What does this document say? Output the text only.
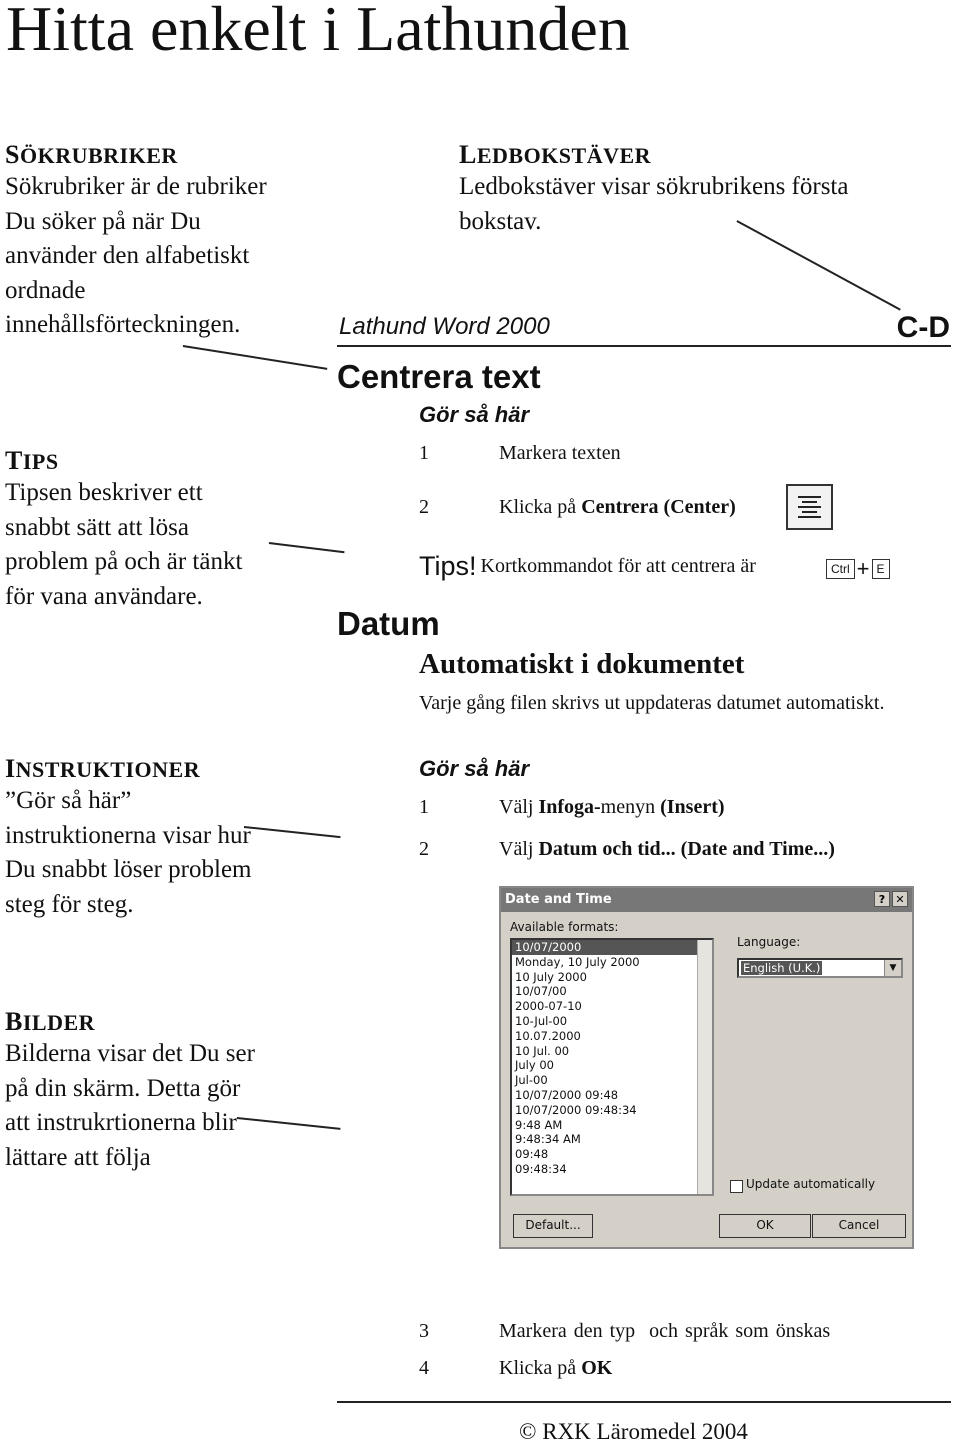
Hitta enkelt i Lathunden
SÖKRUBRIKER
Sökrubriker är de rubriker Du söker på när Du använder den alfabetiskt ordnade innehållsförteckningen.
TIPS
Tipsen beskriver ett snabbt sätt att lösa problem på och är tänkt för vana användare.
INSTRUKTIONER
”Gör så här” instruktionerna visar hur Du snabbt löser problem steg för steg.
BILDER
Bilderna visar det Du ser på din skärm. Detta gör att instrukrtionerna blir lättare att följa
LEDBOKSTÄVER
Ledbokstäver visar sökrubrikens första bokstav.
Lathund Word 2000	C-D
Centrera text
Gör så här
1	Markera texten
2	Klicka på Centrera (Center)
Tips! Kortkommandot för att centrera är	Ctrl + E
Datum
Automatiskt i dokumentet
Varje gång filen skrivs ut uppdateras datumet automatiskt.
Gör så här
1	Välj Infoga-menyn (Insert)
2	Välj Datum och tid... (Date and Time...)
Date and Time	? ✕
Available formats:
10/07/2000
Monday, 10 July 2000
10 July 2000
10/07/00
2000-07-10
10-Jul-00
10.07.2000
10 Jul. 00
July 00
Jul-00
10/07/2000 09:48
10/07/2000 09:48:34
9:48 AM
9:48:34 AM
09:48
09:48:34
Language:
English (U.K.)	▼
Update automatically
Default...	OK	Cancel
3	Markera den typ  och språk som önskas
4	Klicka på OK
© RXK Läromedel 2004
